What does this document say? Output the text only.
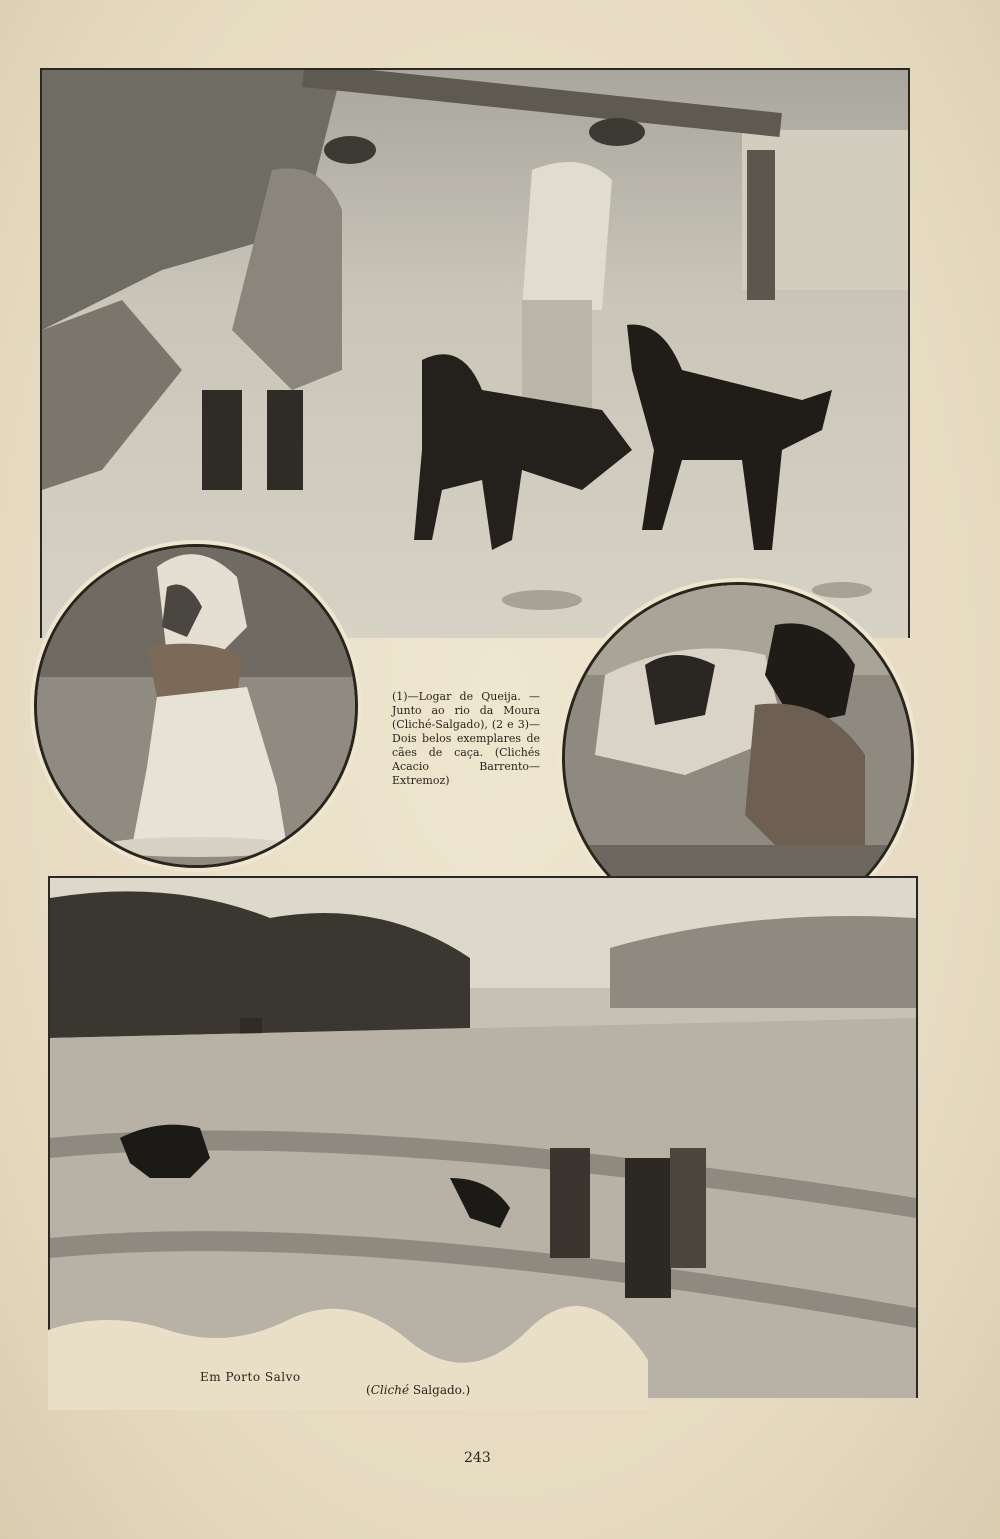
(1)—Logar de Queija. — Junto ao rio da Moura (Cliché-Salgado), (2 e 3)—Dois belos exemplares de cães de caça. (Clichés Acacio Barrento—Extremoz)
Em Porto Salvo
(Cliché Salgado.)
243
